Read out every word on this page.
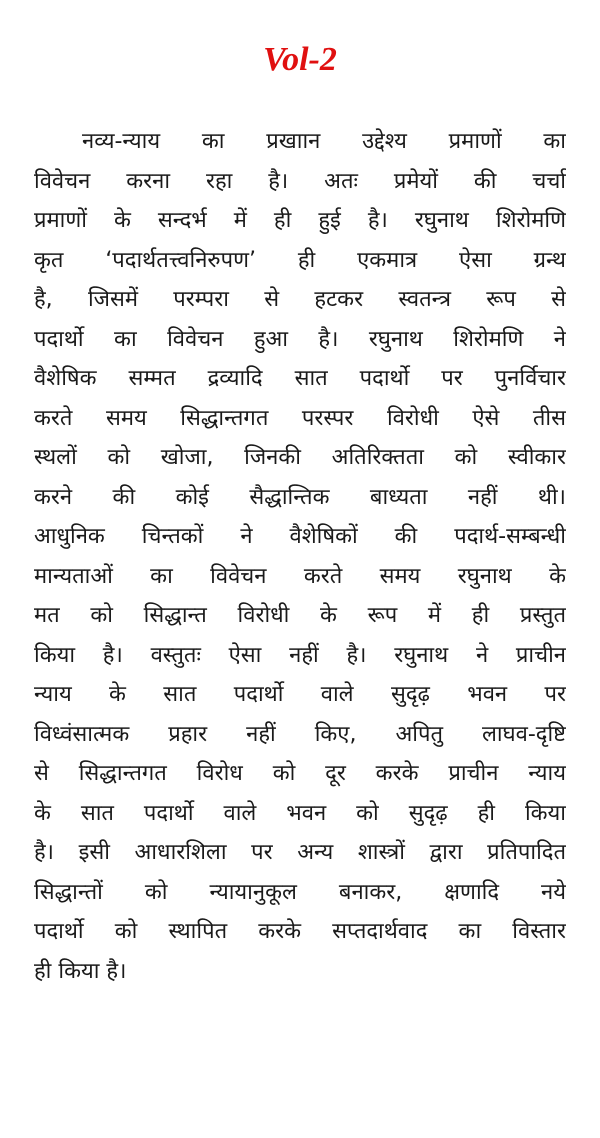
Vol-2
नव्य-न्याय का प्रखाान उद्देश्य प्रमाणों का
विवेचन करना रहा है। अतः प्रमेयों की चर्चा
प्रमाणों के सन्दर्भ में ही हुई है। रघुनाथ शिरोमणि
कृत ‘पदार्थतत्त्वनिरुपण’ ही एकमात्र ऐसा ग्रन्थ
है, जिसमें परम्परा से हटकर स्वतन्त्र रूप से
पदार्थो का विवेचन हुआ है। रघुनाथ शिरोमणि ने
वैशेषिक सम्मत द्रव्यादि सात पदार्थो पर पुनर्विचार
करते समय सिद्धान्तगत परस्पर विरोधी ऐसे तीस
स्थलों को खोजा, जिनकी अतिरिक्तता को स्वीकार
करने की कोई सैद्धान्तिक बाध्यता नहीं थी।
आधुनिक चिन्तकों ने वैशेषिकों की पदार्थ-सम्बन्धी
मान्यताओं का विवेचन करते समय रघुनाथ के
मत को सिद्धान्त विरोधी के रूप में ही प्रस्तुत
किया है। वस्तुतः ऐसा नहीं है। रघुनाथ ने प्राचीन
न्याय के सात पदार्थो वाले सुदृढ़ भवन पर
विध्वंसात्मक प्रहार नहीं किए, अपितु लाघव-दृष्टि
से सिद्धान्तगत विरोध को दूर करके प्राचीन न्याय
के सात पदार्थो वाले भवन को सुदृढ़ ही किया
है। इसी आधारशिला पर अन्य शास्त्रों द्वारा प्रतिपादित
सिद्धान्तों को न्यायानुकूल बनाकर, क्षणादि नये
पदार्थो को स्थापित करके सप्तदार्थवाद का विस्तार
ही किया है।
